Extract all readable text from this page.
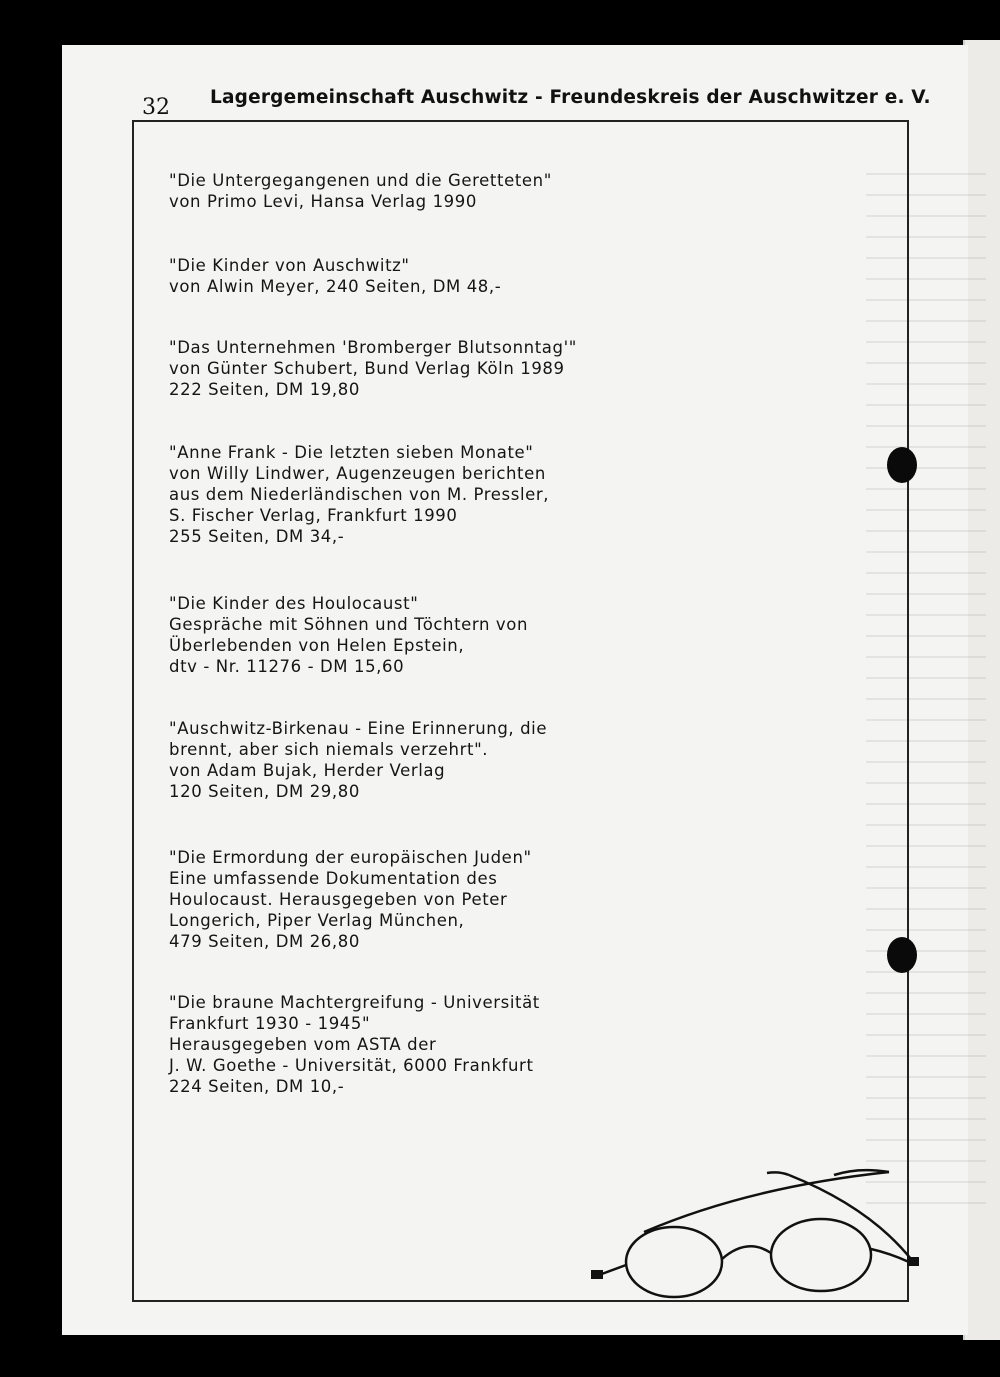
32 Lagergemeinschaft Auschwitz - Freundeskreis der Auschwitzer e. V.
"Die Untergegangenen und die Geretteten"
von Primo Levi, Hansa Verlag 1990
"Die Kinder von Auschwitz"
von Alwin Meyer, 240 Seiten, DM 48,-
"Das Unternehmen 'Bromberger Blutsonntag'"
von Günter Schubert, Bund Verlag Köln 1989
222 Seiten, DM 19,80
"Anne Frank - Die letzten sieben Monate"
von Willy Lindwer, Augenzeugen berichten
aus dem Niederländischen von M. Pressler,
S. Fischer Verlag, Frankfurt 1990
255 Seiten, DM 34,-
"Die Kinder des Houlocaust"
Gespräche mit Söhnen und Töchtern von
Überlebenden von Helen Epstein,
dtv - Nr. 11276 - DM 15,60
"Auschwitz-Birkenau - Eine Erinnerung, die
brennt, aber sich niemals verzehrt".
von Adam Bujak, Herder Verlag
120 Seiten, DM 29,80
"Die Ermordung der europäischen Juden"
Eine umfassende Dokumentation des
Houlocaust. Herausgegeben von Peter
Longerich, Piper Verlag München,
479 Seiten, DM 26,80
"Die braune Machtergreifung - Universität
Frankfurt 1930 - 1945"
Herausgegeben vom ASTA der
J. W. Goethe - Universität, 6000 Frankfurt
224 Seiten, DM 10,-
